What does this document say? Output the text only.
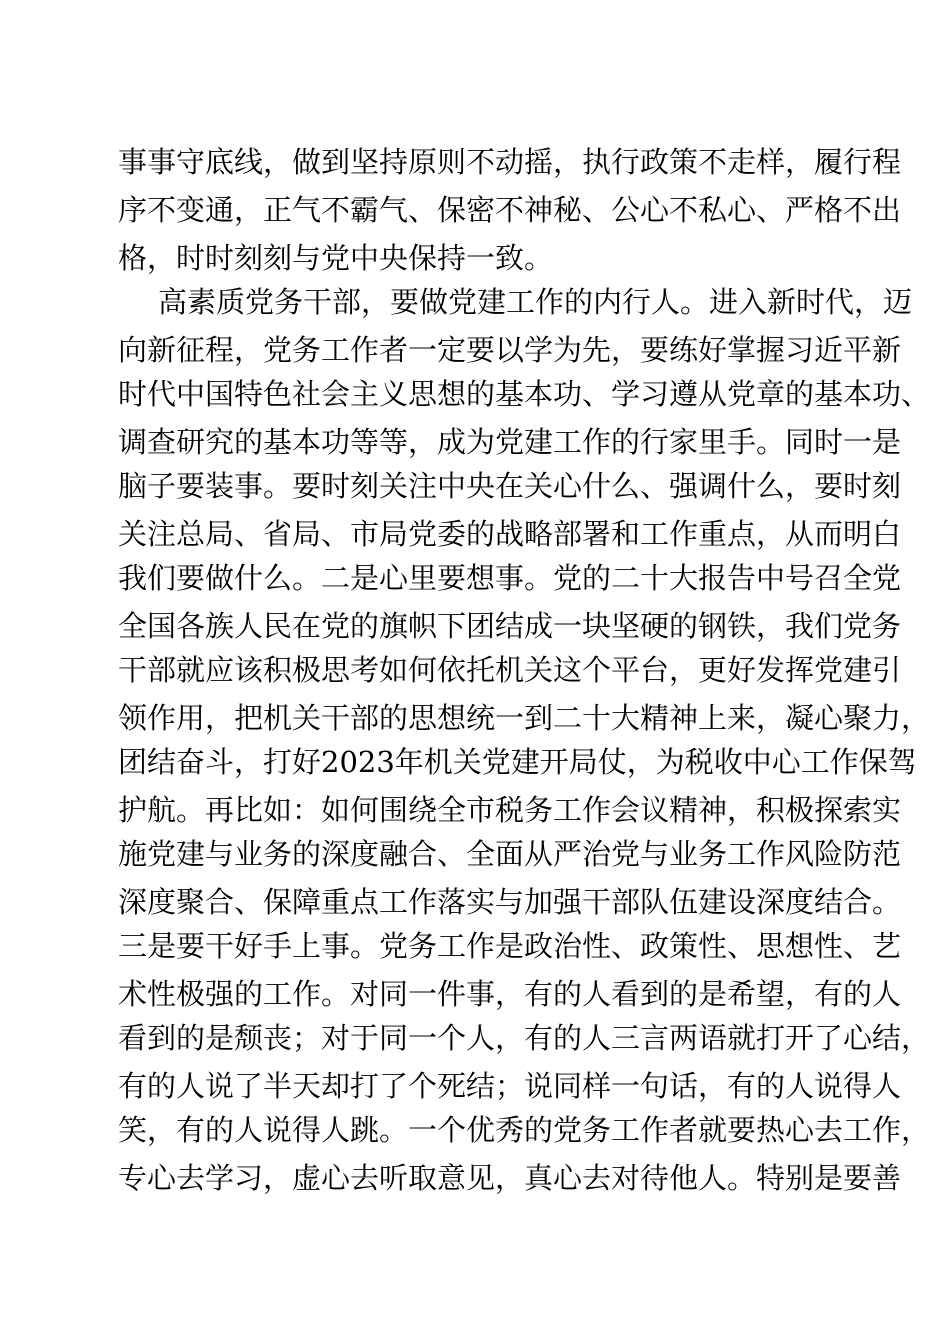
事事守底线，做到坚持原则不动摇，执行政策不走样，履行程
序不变通，正气不霸气、保密不神秘、公心不私心、严格不出
格，时时刻刻与党中央保持一致。
高素质党务干部，要做党建工作的内行人。进入新时代，迈
向新征程，党务工作者一定要以学为先，要练好掌握习近平新
时代中国特色社会主义思想的基本功、学习遵从党章的基本功、
调查研究的基本功等等，成为党建工作的行家里手。同时一是
脑子要装事。要时刻关注中央在关心什么、强调什么，要时刻
关注总局、省局、市局党委的战略部署和工作重点，从而明白
我们要做什么。二是心里要想事。党的二十大报告中号召全党
全国各族人民在党的旗帜下团结成一块坚硬的钢铁，我们党务
干部就应该积极思考如何依托机关这个平台，更好发挥党建引
领作用，把机关干部的思想统一到二十大精神上来，凝心聚力，
团结奋斗，打好2023年机关党建开局仗，为税收中心工作保驾
护航。再比如：如何围绕全市税务工作会议精神，积极探索实
施党建与业务的深度融合、全面从严治党与业务工作风险防范
深度聚合、保障重点工作落实与加强干部队伍建设深度结合。
三是要干好手上事。党务工作是政治性、政策性、思想性、艺
术性极强的工作。对同一件事，有的人看到的是希望，有的人
看到的是颓丧；对于同一个人，有的人三言两语就打开了心结，
有的人说了半天却打了个死结；说同样一句话，有的人说得人
笑，有的人说得人跳。一个优秀的党务工作者就要热心去工作，
专心去学习，虚心去听取意见，真心去对待他人。特别是要善
